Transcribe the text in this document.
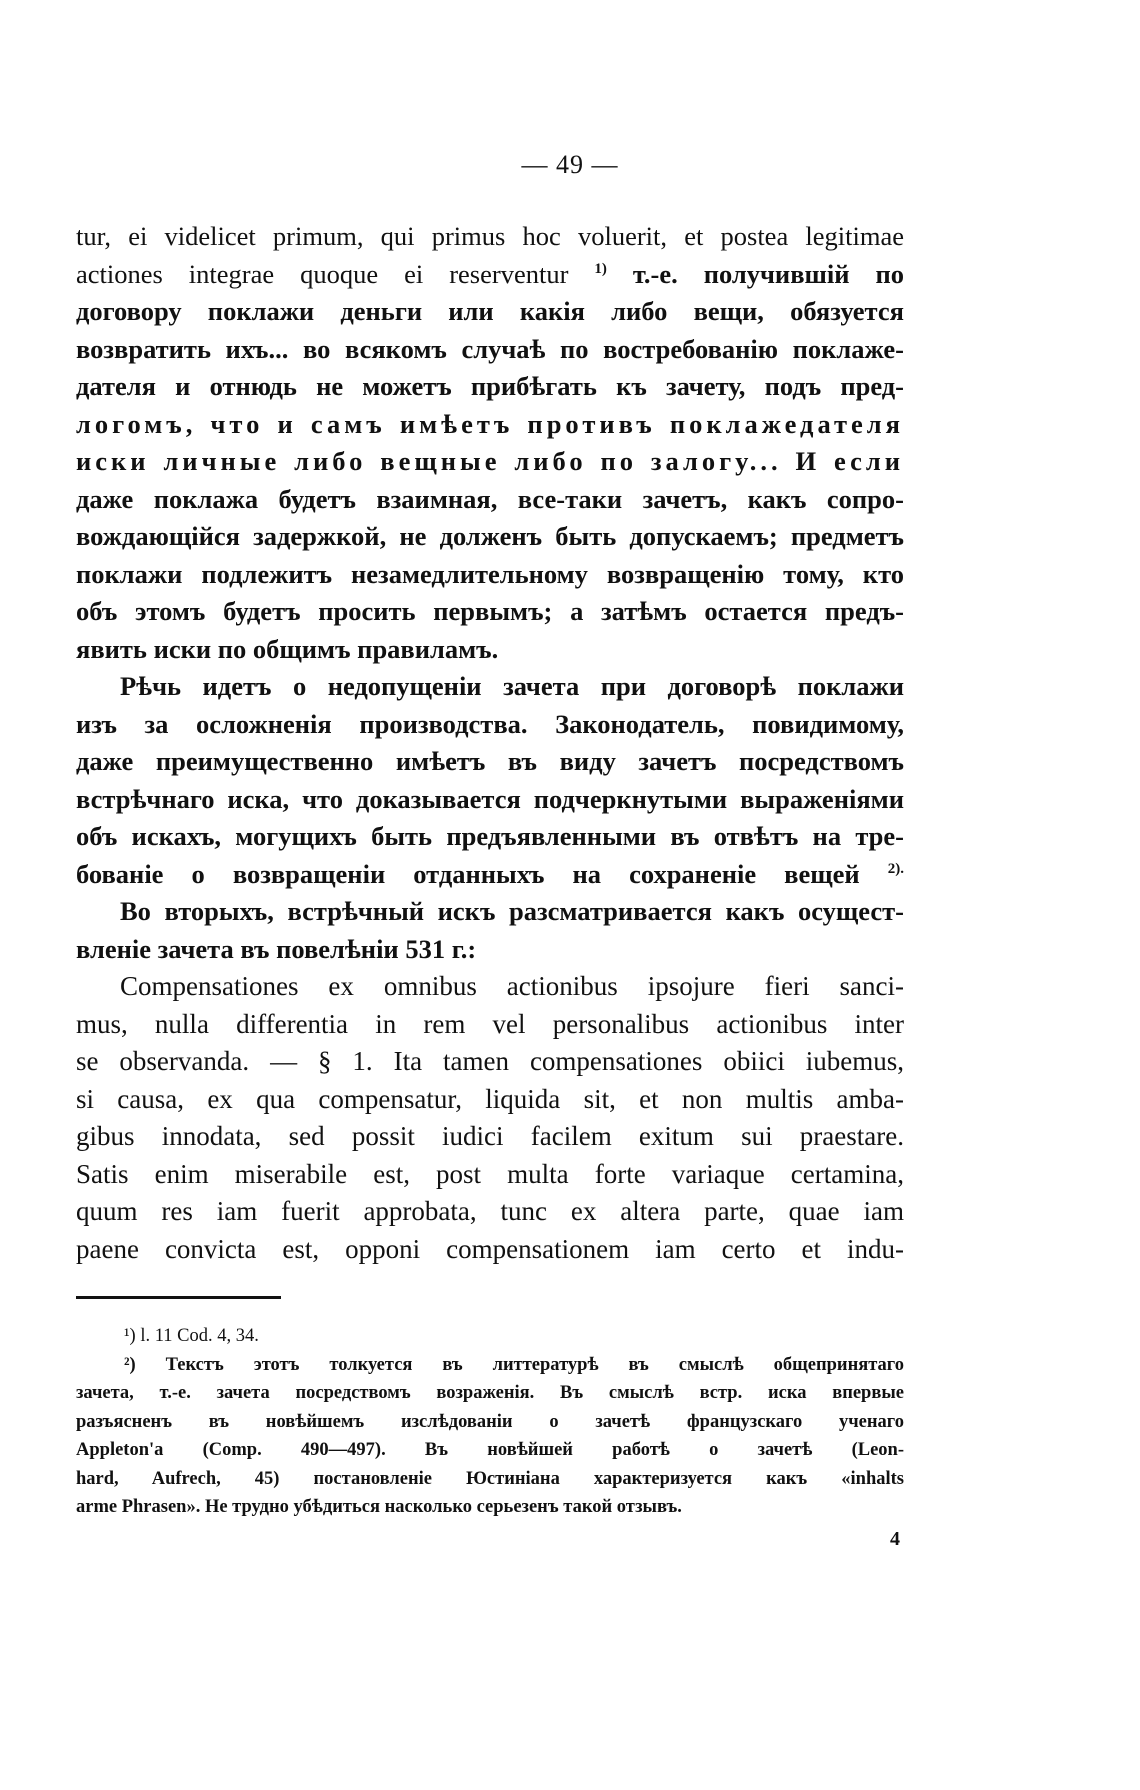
— 49 —
tur, ei videlicet primum, qui primus hoc voluerit, et postea legitimae
actiones integrae quoque ei reserventur $^{1)}$ т.-е. получившій по
договору поклажи деньги или какія либо вещи, обязуется
возвратить ихъ... во всякомъ случаѣ по востребованію поклаже-
дателя и отнюдь не можетъ прибѣгать къ зачету, подъ пред-
логомъ, что и самъ имѣетъ противъ поклажедателя
иски личные либо вещные либо по залогу... И если
даже поклажа будетъ взаимная, все-таки зачетъ, какъ сопро-
вождающійся задержкой, не долженъ быть допускаемъ; предметъ
поклажи подлежитъ незамедлительному возвращенію тому, кто
объ этомъ будетъ просить первымъ; а затѣмъ остается предъ-
явить иски по общимъ правиламъ.
Рѣчь идетъ о недопущеніи зачета при договорѣ поклажи
изъ за осложненія производства. Законодатель, повидимому,
даже преимущественно имѣетъ въ виду зачетъ посредствомъ
встрѣчнаго иска, что доказывается подчеркнутыми выраженіями
объ искахъ, могущихъ быть предъявленными въ отвѣтъ на тре-
бованіе о возвращеніи отданныхъ на сохраненіе вещей $^{2).}$
Во вторыхъ, встрѣчный искъ разсматривается какъ осущест-
вленіе зачета въ повелѣніи 531 г.:
Compensationes ex omnibus actionibus ipsojure fieri sanci-
mus, nulla differentia in rem vel personalibus actionibus inter
se observanda. — § 1. Ita tamen compensationes obiici iubemus,
si causa, ex qua compensatur, liquida sit, et non multis amba-
gibus innodata, sed possit iudici facilem exitum sui praestare.
Satis enim miserabile est, post multa forte variaque certamina,
quum res iam fuerit approbata, tunc ex altera parte, quae iam
paene convicta est, opponi compensationem iam certo et indu-
¹) l. 11 Cod. 4, 34.
²) Текстъ этотъ толкуется въ литтературѣ въ смыслѣ общепринятаго
зачета, т.-е. зачета посредствомъ возраженія. Въ смыслѣ встр. иска впервые
разъясненъ въ новѣйшемъ изслѣдованіи о зачетѣ французскаго ученаго
Appleton'a (Comp. 490—497). Въ новѣйшей работѣ о зачетѣ (Leon-
hard, Aufrech, 45) постановленіе Юстиніана характеризуется какъ «inhalts
arme Phrasen». Не трудно убѣдиться насколько серьезенъ такой отзывъ.
4
